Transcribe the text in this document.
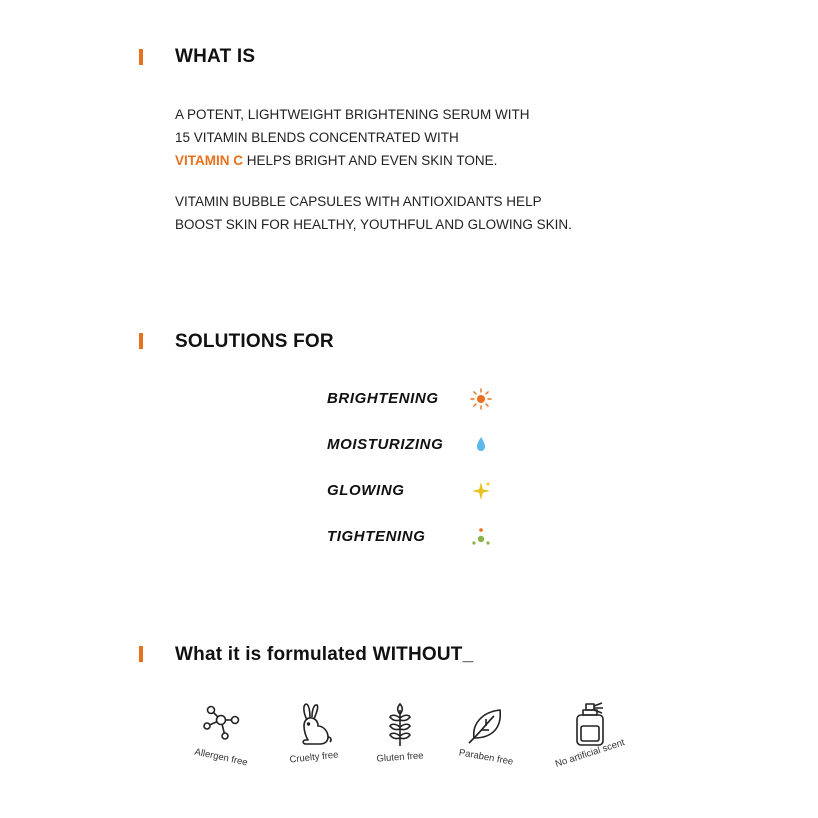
WHAT IS
A POTENT, LIGHTWEIGHT BRIGHTENING SERUM WITH
15 VITAMIN BLENDS CONCENTRATED WITH
VITAMIN C HELPS BRIGHT AND EVEN SKIN TONE.
VITAMIN BUBBLE CAPSULES WITH ANTIOXIDANTS HELP
BOOST SKIN FOR HEALTHY, YOUTHFUL AND GLOWING SKIN.
SOLUTIONS FOR
BRIGHTENING
MOISTURIZING
GLOWING
TIGHTENING
What it is formulated WITHOUT_
Allergen free	Cruelty free	Gluten free	Paraben free	No artificial scent
